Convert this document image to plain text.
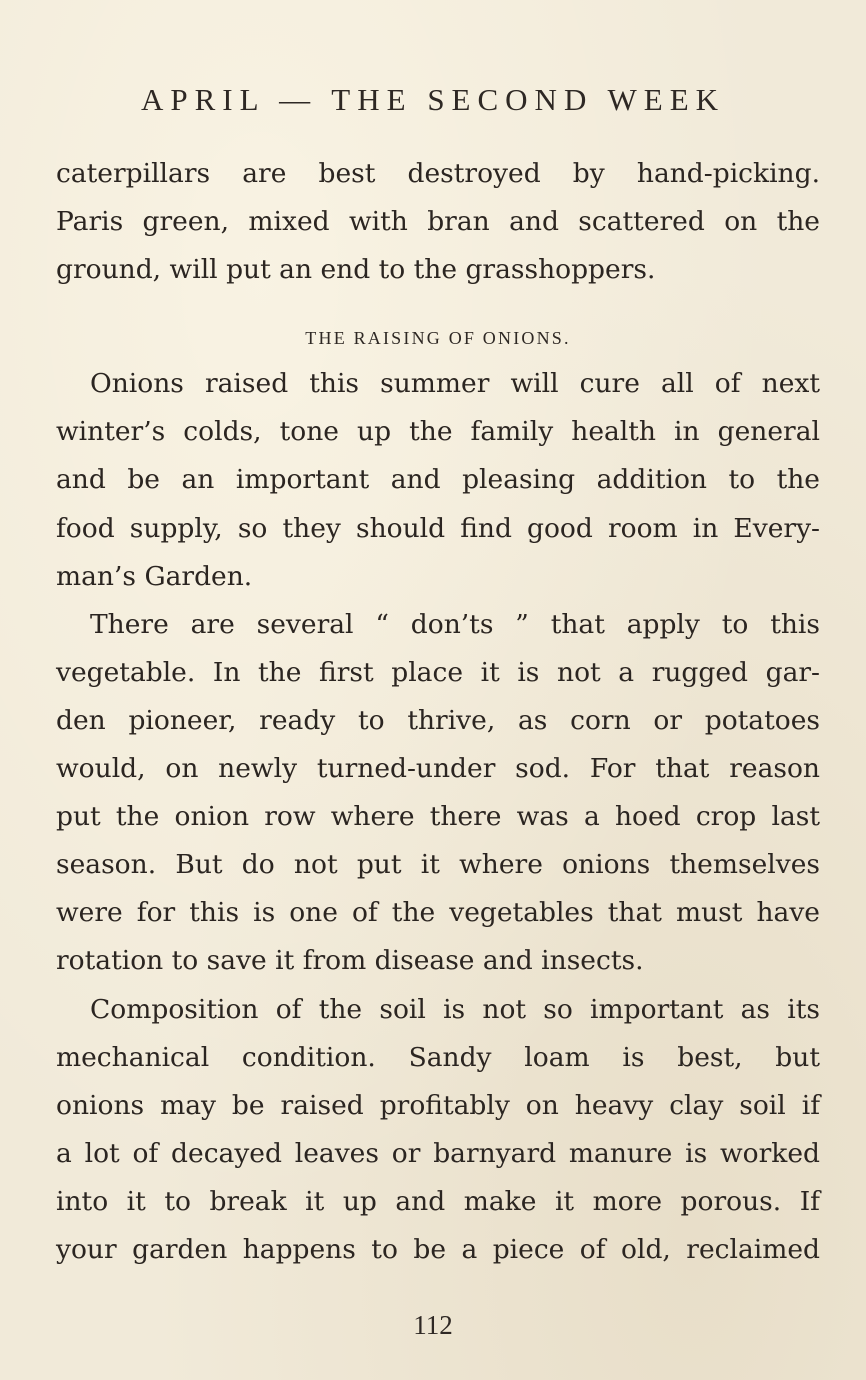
APRIL — THE SECOND WEEK
caterpillars are best destroyed by hand-picking.
Paris green, mixed with bran and scattered on the
ground, will put an end to the grasshoppers.
THE RAISING OF ONIONS.
Onions raised this summer will cure all of next
winter’s colds, tone up the family health in general
and be an important and pleasing addition to the
food supply, so they should find good room in Every-
man’s Garden.
There are several “ don’ts ” that apply to this
vegetable. In the first place it is not a rugged gar-
den pioneer, ready to thrive, as corn or potatoes
would, on newly turned-under sod. For that reason
put the onion row where there was a hoed crop last
season. But do not put it where onions themselves
were for this is one of the vegetables that must have
rotation to save it from disease and insects.
Composition of the soil is not so important as its
mechanical condition. Sandy loam is best, but
onions may be raised profitably on heavy clay soil if
a lot of decayed leaves or barnyard manure is worked
into it to break it up and make it more porous. If
your garden happens to be a piece of old, reclaimed
112
